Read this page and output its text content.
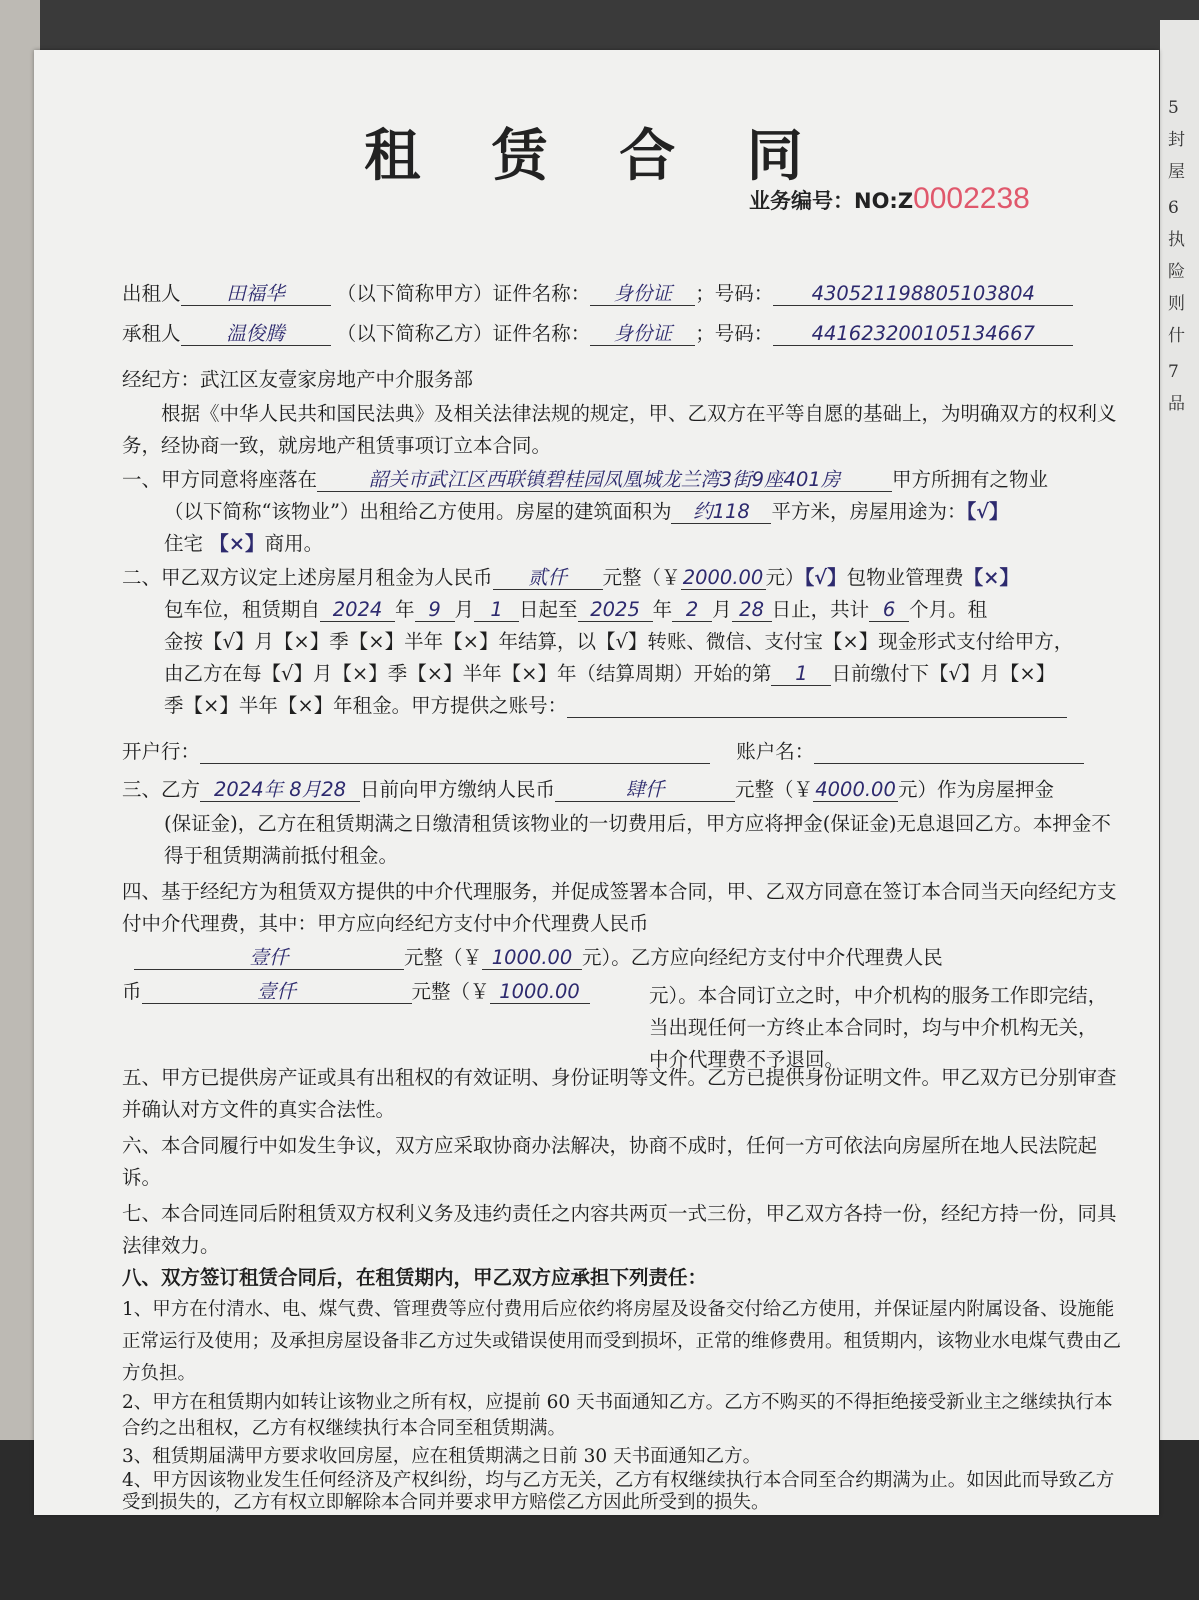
5
封
屋
6
执
险
则
什
7
品
租 赁 合 同
业务编号：NO:Z0002238
出租人 田福华	（以下简称甲方）证件名称： 身份证 ；号码： 430521198805103804
承租人 温俊腾	（以下简称乙方）证件名称： 身份证 ；号码： 441623200105134667
经纪方：武江区友壹家房地产中介服务部
根据《中华人民共和国民法典》及相关法律法规的规定，甲、乙双方在平等自愿的基础上，为明确双方的权利义务，经协商一致，就房地产租赁事项订立本合同。
一、甲方同意将座落在	韶关市武江区西联镇碧桂园凤凰城龙兰湾3街9座401房	甲方所拥有之物业
（以下简称“该物业”）出租给乙方使用。房屋的建筑面积为 约118 平方米，房屋用途为：【√】
住宅 【×】商用。
二、甲乙双方议定上述房屋月租金为人民币 贰仟 元整（￥ 2000.00 元）【√】包物业管理费【×】
包车位，租赁期自 2024 年 9 月 1 日起至 2025 年 2 月 28 日止，共计 6 个月。租
金按【√】月【×】季【×】半年【×】年结算，以【√】转账、微信、支付宝【×】现金形式支付给甲方，
由乙方在每【√】月【×】季【×】半年【×】年（结算周期）开始的第 1 日前缴付下【√】月【×】
季【×】半年【×】年租金。甲方提供之账号：
开户行：	账户名：
三、乙方 2024年 8月28 日前向甲方缴纳人民币	肆仟	元整（￥ 4000.00 元）作为房屋押金
(保证金)，乙方在租赁期满之日缴清租赁该物业的一切费用后，甲方应将押金(保证金)无息退回乙方。本押金不得于租赁期满前抵付租金。
四、基于经纪方为租赁双方提供的中介代理服务，并促成签署本合同，甲、乙双方同意在签订本合同当天向经纪方支付中介代理费，其中：甲方应向经纪方支付中介代理费人民币
壹仟	元整（￥ 1000.00 元）。乙方应向经纪方支付中介代理费人民
币	壹仟	元整（￥ 1000.00	元）。本合同订立之时，中介机构的服务工作即完结，当出现任何一方终止本合同时，均与中介机构无关，中介代理费不予退回。
五、甲方已提供房产证或具有出租权的有效证明、身份证明等文件。乙方已提供身份证明文件。甲乙双方已分别审查并确认对方文件的真实合法性。
六、本合同履行中如发生争议，双方应采取协商办法解决，协商不成时，任何一方可依法向房屋所在地人民法院起诉。
七、本合同连同后附租赁双方权利义务及违约责任之内容共两页一式三份，甲乙双方各持一份，经纪方持一份，同具法律效力。
八、双方签订租赁合同后，在租赁期内，甲乙双方应承担下列责任：
1、甲方在付清水、电、煤气费、管理费等应付费用后应依约将房屋及设备交付给乙方使用，并保证屋内附属设备、设施能正常运行及使用；及承担房屋设备非乙方过失或错误使用而受到损坏，正常的维修费用。租赁期内，该物业水电煤气费由乙方负担。
2、甲方在租赁期内如转让该物业之所有权，应提前 60 天书面通知乙方。乙方不购买的不得拒绝接受新业主之继续执行本合约之出租权，乙方有权继续执行本合同至租赁期满。
3、租赁期届满甲方要求收回房屋，应在租赁期满之日前 30 天书面通知乙方。
4、甲方因该物业发生任何经济及产权纠纷，均与乙方无关，乙方有权继续执行本合同至合约期满为止。如因此而导致乙方受到损失的，乙方有权立即解除本合同并要求甲方赔偿乙方因此所受到的损失。
